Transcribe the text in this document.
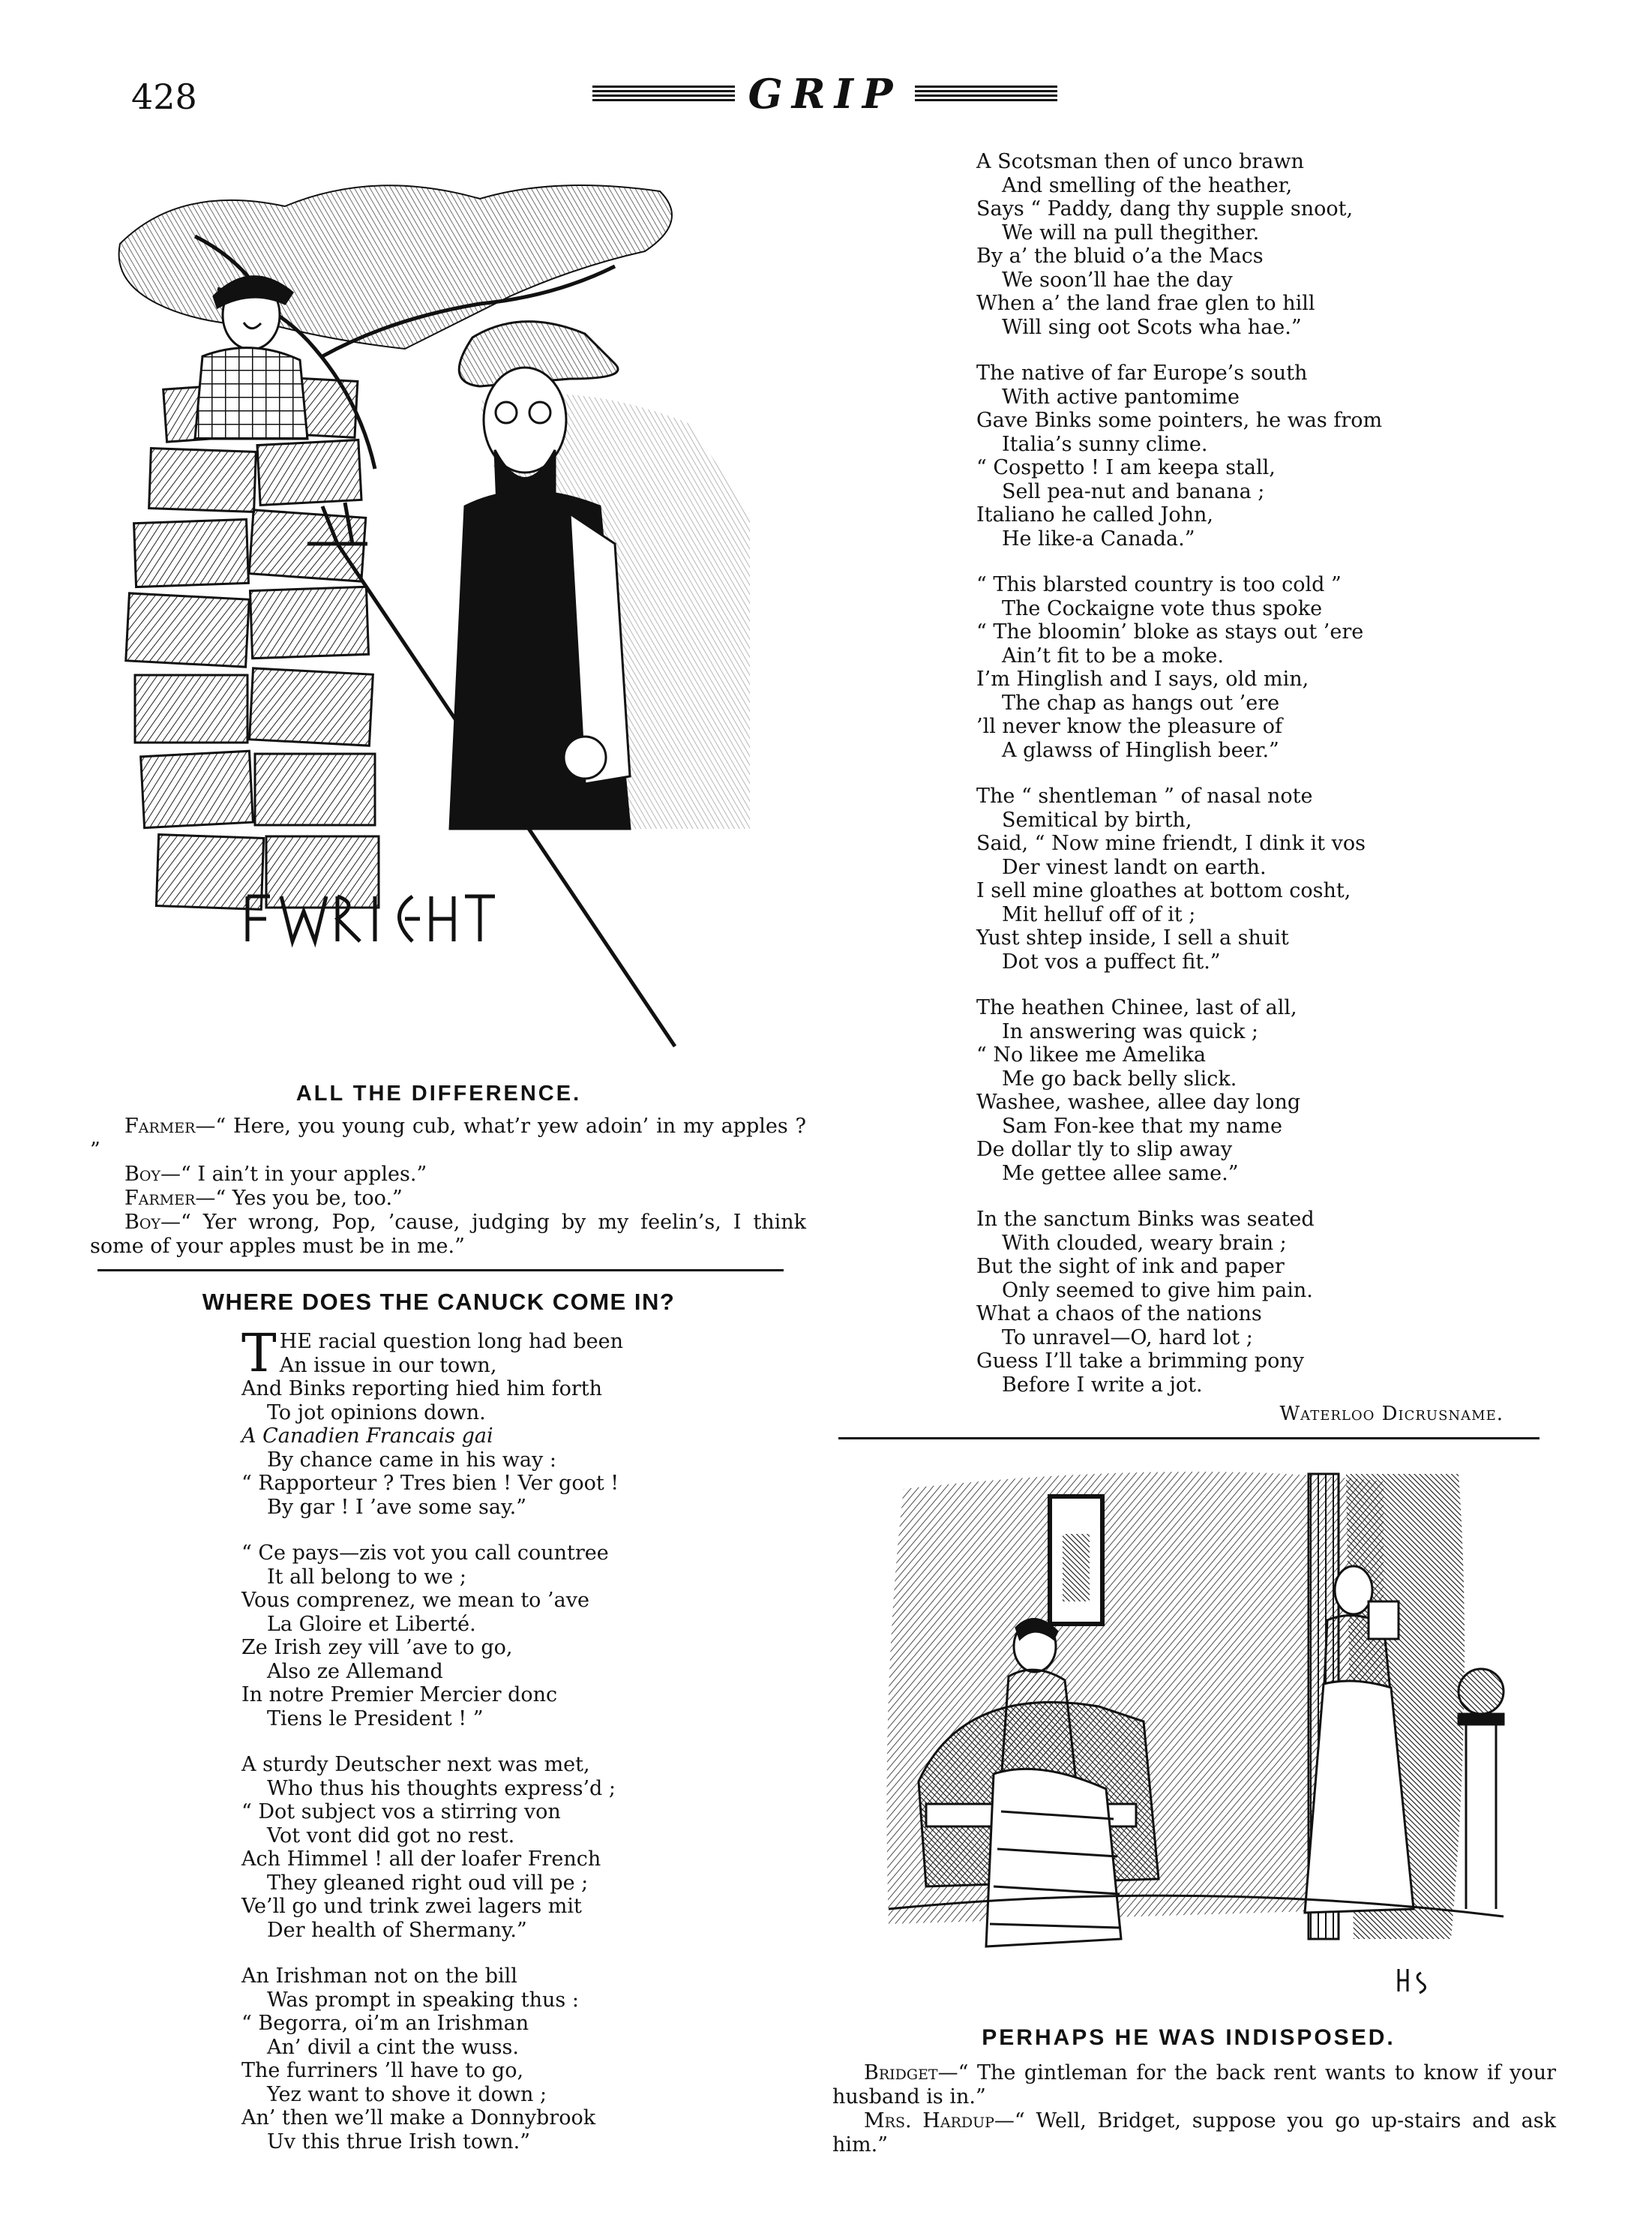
428	GRIP
FWRIGHT
ALL THE DIFFERENCE.

Farmer—“ Here, you young cub, what’r yew adoin’ in my apples ? ”

Boy—“ I ain’t in your apples.”

Farmer—“ Yes you be, too.”

Boy—“ Yer wrong, Pop, ’cause, judging by my feelin’s, I think some of your apples must be in me.”

WHERE DOES THE CANUCK COME IN?
THE racial question long had been
An issue in our town,
And Binks reporting hied him forth
To jot opinions down.
A Canadien Francais gai
By chance came in his way :
“ Rapporteur ? Tres bien ! Ver goot !
By gar ! I ’ave some say.”
“ Ce pays—zis vot you call countree
It all belong to we ;
Vous comprenez, we mean to ’ave
La Gloire et Liberté.
Ze Irish zey vill ’ave to go,
Also ze Allemand
In notre Premier Mercier donc
Tiens le President ! ”
A sturdy Deutscher next was met,
Who thus his thoughts express’d ;
“ Dot subject vos a stirring von
Vot vont did got no rest.
Ach Himmel ! all der loafer French
They gleaned right oud vill pe ;
Ve’ll go und trink zwei lagers mit
Der health of Shermany.”
An Irishman not on the bill
Was prompt in speaking thus :
“ Begorra, oi’m an Irishman
An’ divil a cint the wuss.
The furriners ’ll have to go,
Yez want to shove it down ;
An’ then we’ll make a Donnybrook
Uv this thrue Irish town.”
A Scotsman then of unco brawn
And smelling of the heather,
Says “ Paddy, dang thy supple snoot,
We will na pull thegither.
By a’ the bluid o’a the Macs
We soon’ll hae the day
When a’ the land frae glen to hill
Will sing oot Scots wha hae.”
The native of far Europe’s south
With active pantomime
Gave Binks some pointers, he was from
Italia’s sunny clime.
“ Cospetto ! I am keepa stall,
Sell pea-nut and banana ;
Italiano he called John,
He like-a Canada.”
“ This blarsted country is too cold ”
The Cockaigne vote thus spoke
“ The bloomin’ bloke as stays out ’ere
Ain’t fit to be a moke.
I’m Hinglish and I says, old min,
The chap as hangs out ’ere
’ll never know the pleasure of
A glawss of Hinglish beer.”
The “ shentleman ” of nasal note
Semitical by birth,
Said, “ Now mine friendt, I dink it vos
Der vinest landt on earth.
I sell mine gloathes at bottom cosht,
Mit helluf off of it ;
Yust shtep inside, I sell a shuit
Dot vos a puffect fit.”
The heathen Chinee, last of all,
In answering was quick ;
“ No likee me Amelika
Me go back belly slick.
Washee, washee, allee day long
Sam Fon-kee that my name
De dollar tly to slip away
Me gettee allee same.”
In the sanctum Binks was seated
With clouded, weary brain ;
But the sight of ink and paper
Only seemed to give him pain.
What a chaos of the nations
To unravel—O, hard lot ;
Guess I’ll take a brimming pony
Before I write a jot.
Waterloo Dicrusname.
HSweet
PERHAPS HE WAS INDISPOSED.

Bridget—“ The gintleman for the back rent wants to know if your husband is in.”

Mrs. Hardup—“ Well, Bridget, suppose you go up-stairs and ask him.”
